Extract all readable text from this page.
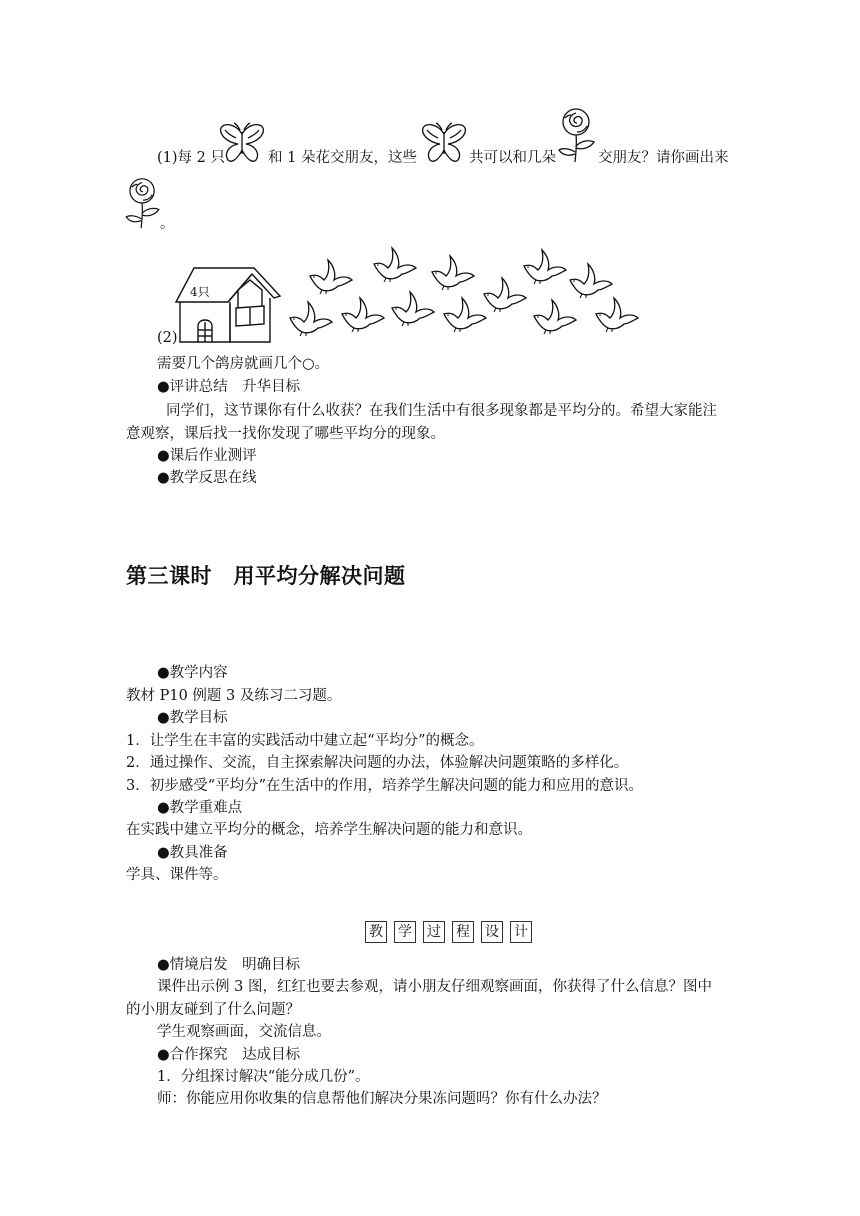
(1)每 2 只	和 1 朵花交朋友，这些	共可以和几朵	交朋友？请你画出来
。
(2)
4只
需要几个鸽房就画几个○。
●评讲总结　升华目标
同学们，这节课你有什么收获？在我们生活中有很多现象都是平均分的。希望大家能注
意观察，课后找一找你发现了哪些平均分的现象。
●课后作业测评
●教学反思在线
第三课时　用平均分解决问题
●教学内容
教材 P10 例题 3 及练习二习题。
●教学目标
1．让学生在丰富的实践活动中建立起“平均分”的概念。
2．通过操作、交流，自主探索解决问题的办法，体验解决问题策略的多样化。
3．初步感受“平均分”在生活中的作用，培养学生解决问题的能力和应用的意识。
●教学重难点
在实践中建立平均分的概念，培养学生解决问题的能力和意识。
●教具准备
学具、课件等。
教 学 过 程 设 计
●情境启发　明确目标
课件出示例 3 图，红红也要去参观，请小朋友仔细观察画面，你获得了什么信息？图中
的小朋友碰到了什么问题？
学生观察画面，交流信息。
●合作探究　达成目标
1．分组探讨解决“能分成几份”。
师：你能应用你收集的信息帮他们解决分果冻问题吗？你有什么办法？
